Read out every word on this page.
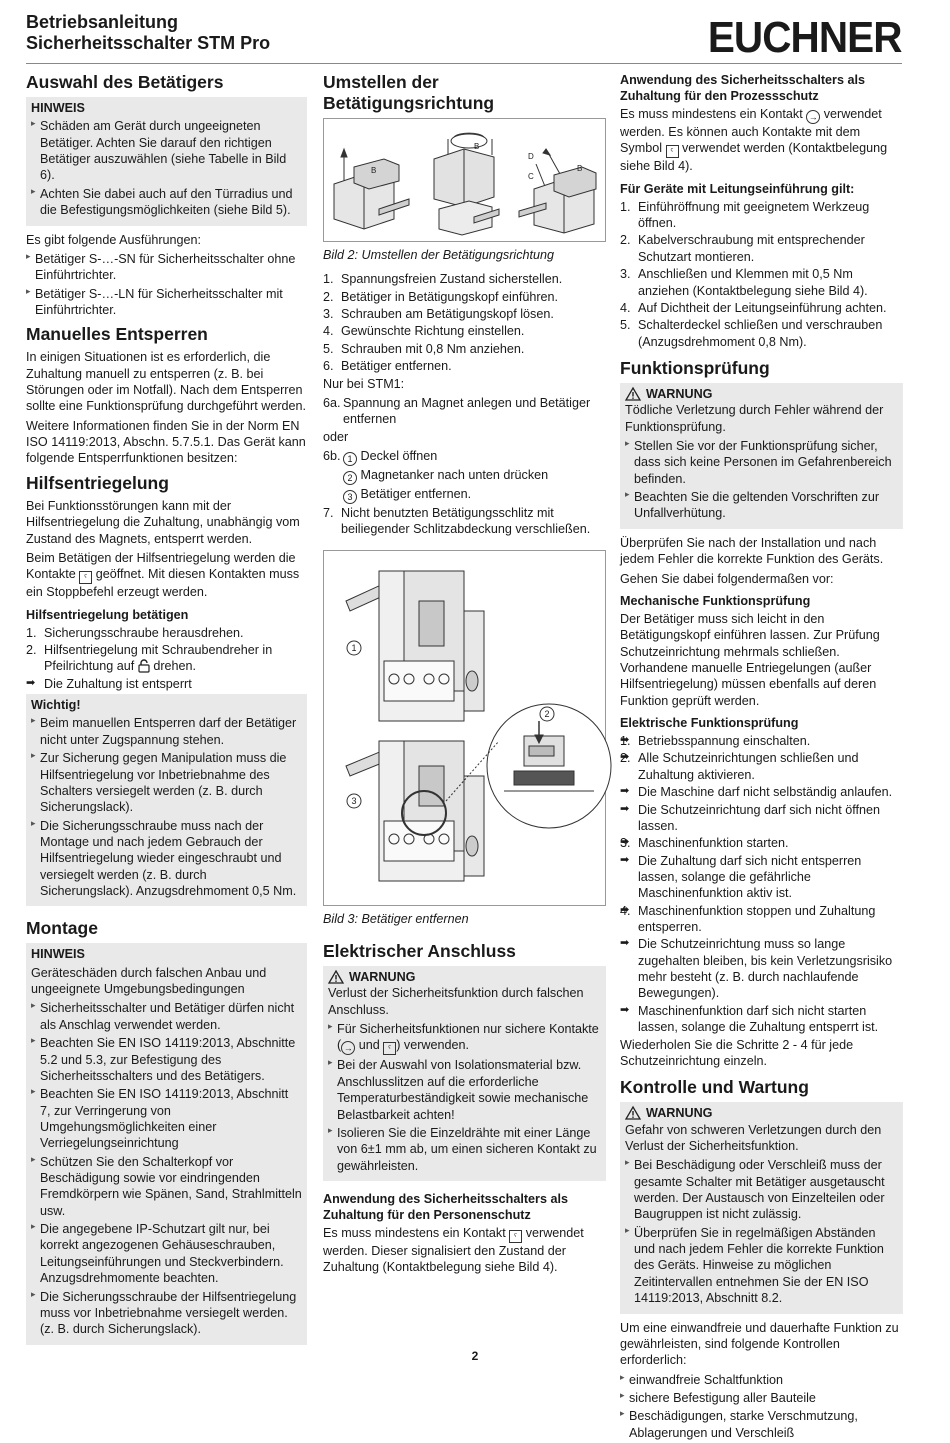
Betriebsanleitung
Sicherheitsschalter STM Pro	EUCHNER
Auswahl des Betätigers
HINWEIS
▸ Schäden am Gerät durch ungeeigneten Betätiger. Achten Sie darauf den richtigen Betätiger auszuwählen (siehe Tabelle in Bild 6).
▸ Achten Sie dabei auch auf den Türradius und die Befestigungsmöglichkeiten (siehe Bild 5).

Es gibt folgende Ausführungen:

▸ Betätiger S-…-SN für Sicherheitsschalter ohne Einführtrichter.
▸ Betätiger S-…-LN für Sicherheitsschalter mit Einführtrichter.
Manuelles Entsperren

In einigen Situationen ist es erforderlich, die Zuhaltung manuell zu entsperren (z. B. bei Störungen oder im Notfall). Nach dem Entsperren sollte eine Funktionsprüfung durchgeführt werden.

Weitere Informationen finden Sie in der Norm EN ISO 14119:2013, Abschn. 5.7.5.1. Das Gerät kann folgende Entsperrfunktionen besitzen:

Hilfsentriegelung

Bei Funktionsstörungen kann mit der Hilfsentriegelung die Zuhaltung, unabhängig vom Zustand des Magnets, entsperrt werden.

Beim Betätigen der Hilfsentriegelung werden die Kontakte ˤ geöffnet. Mit diesen Kontakten muss ein Stoppbefehl erzeugt werden.

Hilfsentriegelung betätigen
1. Sicherungsschraube herausdrehen.
2. Hilfsentriegelung mit Schraubendreher in Pfeilrichtung auf drehen.
➡ Die Zuhaltung ist entsperrt
Wichtig!
▸ Beim manuellen Entsperren darf der Betätiger nicht unter Zugspannung stehen.
▸ Zur Sicherung gegen Manipulation muss die Hilfsentriegelung vor Inbetriebnahme des Schalters versiegelt werden (z. B. durch Sicherungslack).
▸ Die Sicherungsschraube muss nach der Montage und nach jedem Gebrauch der Hilfsentriegelung wieder eingeschraubt und versiegelt werden (z. B. durch Sicherungslack). Anzugsdrehmoment 0,5 Nm.
Montage
HINWEIS

Geräteschäden durch falschen Anbau und ungeeignete Umgebungsbedingungen

▸ Sicherheitsschalter und Betätiger dürfen nicht als Anschlag verwendet werden.
▸ Beachten Sie EN ISO 14119:2013, Abschnitte 5.2 und 5.3, zur Befestigung des Sicherheitsschalters und des Betätigers.
▸ Beachten Sie EN ISO 14119:2013, Abschnitt 7, zur Verringerung von Umgehungsmöglichkeiten einer Verriegelungseinrichtung
▸ Schützen Sie den Schalterkopf vor Beschädigung sowie vor eindringenden Fremdkörpern wie Spänen, Sand, Strahlmitteln usw.
▸ Die angegebene IP-Schutzart gilt nur, bei korrekt angezogenen Gehäuseschrauben, Leitungseinführungen und Steckverbindern. Anzugsdrehmomente beachten.
▸ Die Sicherungsschraube der Hilfsentriegelung muss vor Inbetriebnahme versiegelt werden. (z. B. durch Sicherungslack).
Umstellen der Betätigungsrichtung
B
B
D
C
B
Bild 2: Umstellen der Betätigungsrichtung
1. Spannungsfreien Zustand sicherstellen.
2. Betätiger in Betätigungskopf einführen.
3. Schrauben am Betätigungskopf lösen.
4. Gewünschte Richtung einstellen.
5. Schrauben mit 0,8 Nm anziehen.
6. Betätiger entfernen.

Nur bei STM1:

6a. Spannung an Magnet anlegen und Betätiger entfernen

oder

6b. 1 Deckel öffnen
2 Magnetanker nach unten drücken
3 Betätiger entfernen.
7. Nicht benutzten Betätigungsschlitz mit beiliegender Schlitzabdeckung verschließen.
1
2
3
Bild 3: Betätiger entfernen
Elektrischer Anschluss
WARNUNG

Verlust der Sicherheitsfunktion durch falschen Anschluss.

▸ Für Sicherheitsfunktionen nur sichere Kontakte ( → und ˤ ) verwenden.
▸ Bei der Auswahl von Isolationsmaterial bzw. Anschlusslitzen auf die erforderliche Temperaturbeständigkeit sowie mechanische Belastbarkeit achten!
▸ Isolieren Sie die Einzeldrähte mit einer Länge von 6±1 mm ab, um einen sicheren Kontakt zu gewährleisten.
Anwendung des Sicherheitsschalters als Zuhaltung für den Personenschutz

Es muss mindestens ein Kontakt ˤ verwendet werden. Dieser signalisiert den Zustand der Zuhaltung (Kontaktbelegung siehe Bild 4).

Anwendung des Sicherheitsschalters als Zuhaltung für den Prozessschutz

Es muss mindestens ein Kontakt → verwendet werden. Es können auch Kontakte mit dem Symbol ˤ verwendet werden (Kontaktbelegung siehe Bild 4).

Für Geräte mit Leitungseinführung gilt:
1. Einführöffnung mit geeignetem Werkzeug öffnen.
2. Kabelverschraubung mit entsprechender Schutzart montieren.
3. Anschließen und Klemmen mit 0,5 Nm anziehen (Kontaktbelegung siehe Bild 4).
4. Auf Dichtheit der Leitungseinführung achten.
5. Schalterdeckel schließen und verschrauben (Anzugsdrehmoment 0,8 Nm).
Funktionsprüfung
WARNUNG

Tödliche Verletzung durch Fehler während der Funktionsprüfung.

▸ Stellen Sie vor der Funktionsprüfung sicher, dass sich keine Personen im Gefahrenbereich befinden.
▸ Beachten Sie die geltenden Vorschriften zur Unfallverhütung.

Überprüfen Sie nach der Installation und nach jedem Fehler die korrekte Funktion des Geräts.

Gehen Sie dabei folgendermaßen vor:

Mechanische Funktionsprüfung

Der Betätiger muss sich leicht in den Betätigungskopf einführen lassen. Zur Prüfung Schutzeinrichtung mehrmals schließen. Vorhandene manuelle Entriegelungen (außer Hilfsentriegelung) müssen ebenfalls auf deren Funktion geprüft werden.

Elektrische Funktionsprüfung
➡ 1. Betriebsspannung einschalten.
➡ 2. Alle Schutzeinrichtungen schließen und Zuhaltung aktivieren.
➡ Die Maschine darf nicht selbständig anlaufen.
➡ Die Schutzeinrichtung darf sich nicht öffnen lassen.
➡ 3. Maschinenfunktion starten.
➡ Die Zuhaltung darf sich nicht entsperren lassen, solange die gefährliche Maschinenfunktion aktiv ist.
➡ 4. Maschinenfunktion stoppen und Zuhaltung entsperren.
➡ Die Schutzeinrichtung muss so lange zugehalten bleiben, bis kein Verletzungsrisiko mehr besteht (z. B. durch nachlaufende Bewegungen).
➡ Maschinenfunktion darf sich nicht starten lassen, solange die Zuhaltung entsperrt ist.

Wiederholen Sie die Schritte 2 - 4 für jede Schutzeinrichtung einzeln.

Kontrolle und Wartung
WARNUNG

Gefahr von schweren Verletzungen durch den Verlust der Sicherheitsfunktion.

▸ Bei Beschädigung oder Verschleiß muss der gesamte Schalter mit Betätiger ausgetauscht werden. Der Austausch von Einzelteilen oder Baugruppen ist nicht zulässig.
▸ Überprüfen Sie in regelmäßigen Abständen und nach jedem Fehler die korrekte Funktion des Geräts. Hinweise zu möglichen Zeitintervallen entnehmen Sie der EN ISO 14119:2013, Abschnitt 8.2.

Um eine einwandfreie und dauerhafte Funktion zu gewährleisten, sind folgende Kontrollen erforderlich:

▸ einwandfreie Schaltfunktion
▸ sichere Befestigung aller Bauteile
▸ Beschädigungen, starke Verschmutzung, Ablagerungen und Verschleiß
2
